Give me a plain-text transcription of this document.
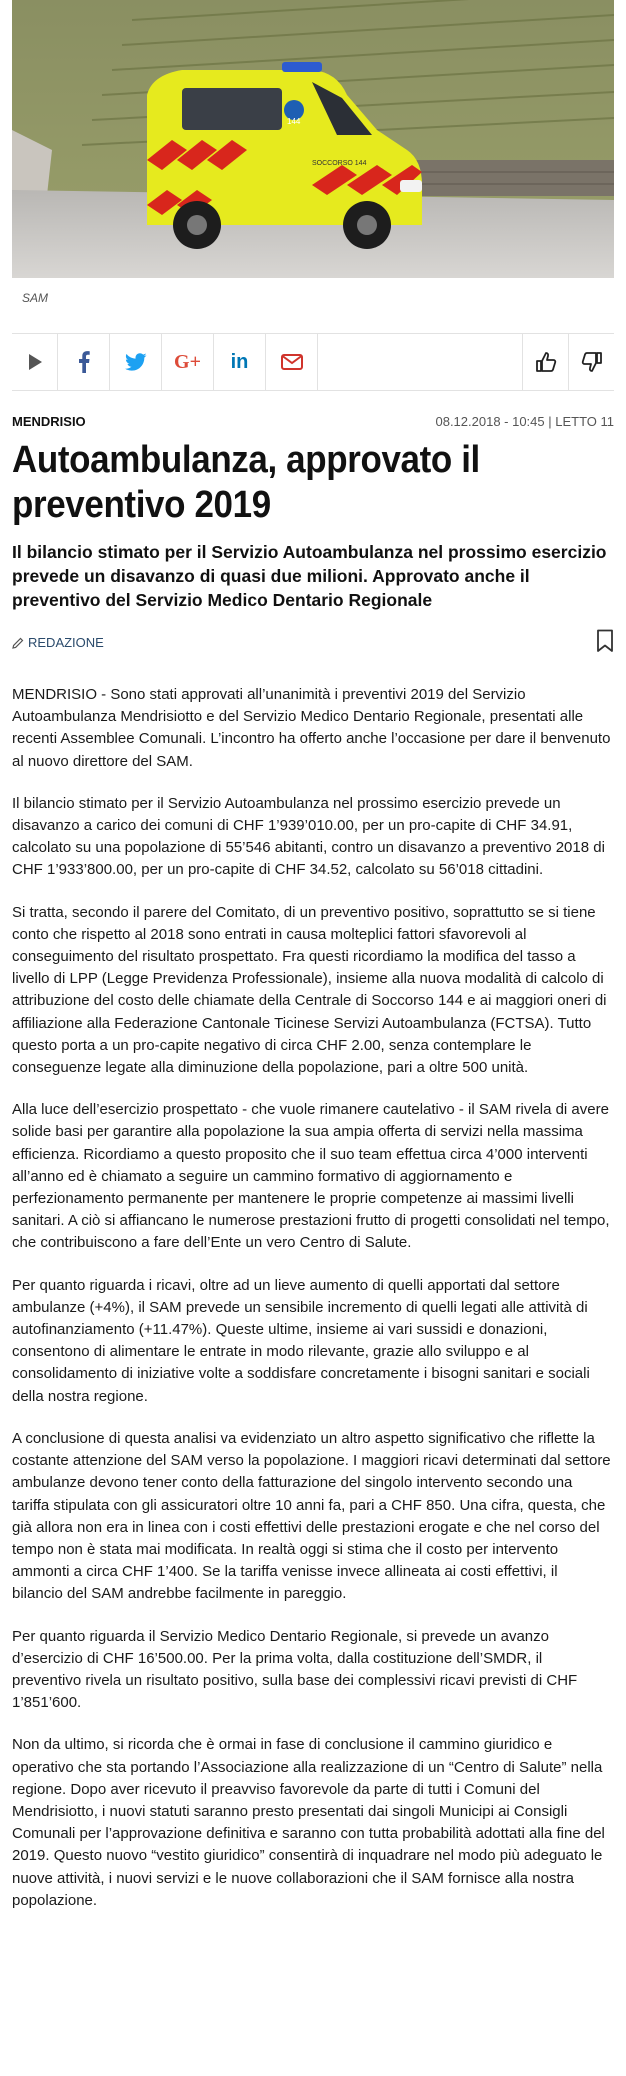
144
SOCCORSO 144
SAM
G+ in
MENDRISIO	08.12.2018 - 10:45 | LETTO 11
Autoambulanza, approvato il preventivo 2019
Il bilancio stimato per il Servizio Autoambulanza nel prossimo esercizio prevede un disavanzo di quasi due milioni. Approvato anche il preventivo del Servizio Medico Dentario Regionale
REDAZIONE

MENDRISIO - Sono stati approvati all’unanimità i preventivi 2019 del Servizio Autoambulanza Mendrisiotto e del Servizio Medico Dentario Regionale, presentati alle recenti Assemblee Comunali. L’incontro ha offerto anche l’occasione per dare il benvenuto al nuovo direttore del SAM.

Il bilancio stimato per il Servizio Autoambulanza nel prossimo esercizio prevede un disavanzo a carico dei comuni di CHF 1’939’010.00, per un pro-capite di CHF 34.91, calcolato su una popolazione di 55’546 abitanti, contro un disavanzo a preventivo 2018 di CHF 1’933’800.00, per un pro-capite di CHF 34.52, calcolato su 56’018 cittadini.

Si tratta, secondo il parere del Comitato, di un preventivo positivo, soprattutto se si tiene conto che rispetto al 2018 sono entrati in causa molteplici fattori sfavorevoli al conseguimento del risultato prospettato. Fra questi ricordiamo la modifica del tasso a livello di LPP (Legge Previdenza Professionale), insieme alla nuova modalità di calcolo di attribuzione del costo delle chiamate della Centrale di Soccorso 144 e ai maggiori oneri di affiliazione alla Federazione Cantonale Ticinese Servizi Autoambulanza (FCTSA). Tutto questo porta a un pro-capite negativo di circa CHF 2.00, senza contemplare le conseguenze legate alla diminuzione della popolazione, pari a oltre 500 unità.

Alla luce dell’esercizio prospettato - che vuole rimanere cautelativo - il SAM rivela di avere solide basi per garantire alla popolazione la sua ampia offerta di servizi nella massima efficienza. Ricordiamo a questo proposito che il suo team effettua circa 4’000 interventi all’anno ed è chiamato a seguire un cammino formativo di aggiornamento e perfezionamento permanente per mantenere le proprie competenze ai massimi livelli sanitari. A ciò si affiancano le numerose prestazioni frutto di progetti consolidati nel tempo, che contribuiscono a fare dell’Ente un vero Centro di Salute.

Per quanto riguarda i ricavi, oltre ad un lieve aumento di quelli apportati dal settore ambulanze (+4%), il SAM prevede un sensibile incremento di quelli legati alle attività di autofinanziamento (+11.47%). Queste ultime, insieme ai vari sussidi e donazioni, consentono di alimentare le entrate in modo rilevante, grazie allo sviluppo e al consolidamento di iniziative volte a soddisfare concretamente i bisogni sanitari e sociali della nostra regione.

A conclusione di questa analisi va evidenziato un altro aspetto significativo che riflette la costante attenzione del SAM verso la popolazione. I maggiori ricavi determinati dal settore ambulanze devono tener conto della fatturazione del singolo intervento secondo una tariffa stipulata con gli assicuratori oltre 10 anni fa, pari a CHF 850. Una cifra, questa, che già allora non era in linea con i costi effettivi delle prestazioni erogate e che nel corso del tempo non è stata mai modificata. In realtà oggi si stima che il costo per intervento ammonti a circa CHF 1’400. Se la tariffa venisse invece allineata ai costi effettivi, il bilancio del SAM andrebbe facilmente in pareggio.

Per quanto riguarda il Servizio Medico Dentario Regionale, si prevede un avanzo d’esercizio di CHF 16’500.00. Per la prima volta, dalla costituzione dell’SMDR, il preventivo rivela un risultato positivo, sulla base dei complessivi ricavi previsti di CHF 1’851’600.

Non da ultimo, si ricorda che è ormai in fase di conclusione il cammino giuridico e operativo che sta portando l’Associazione alla realizzazione di un “Centro di Salute” nella regione. Dopo aver ricevuto il preavviso favorevole da parte di tutti i Comuni del Mendrisiotto, i nuovi statuti saranno presto presentati dai singoli Municipi ai Consigli Comunali per l’approvazione definitiva e saranno con tutta probabilità adottati alla fine del 2019. Questo nuovo “vestito giuridico” consentirà di inquadrare nel modo più adeguato le nuove attività, i nuovi servizi e le nuove collaborazioni che il SAM fornisce alla nostra popolazione.
